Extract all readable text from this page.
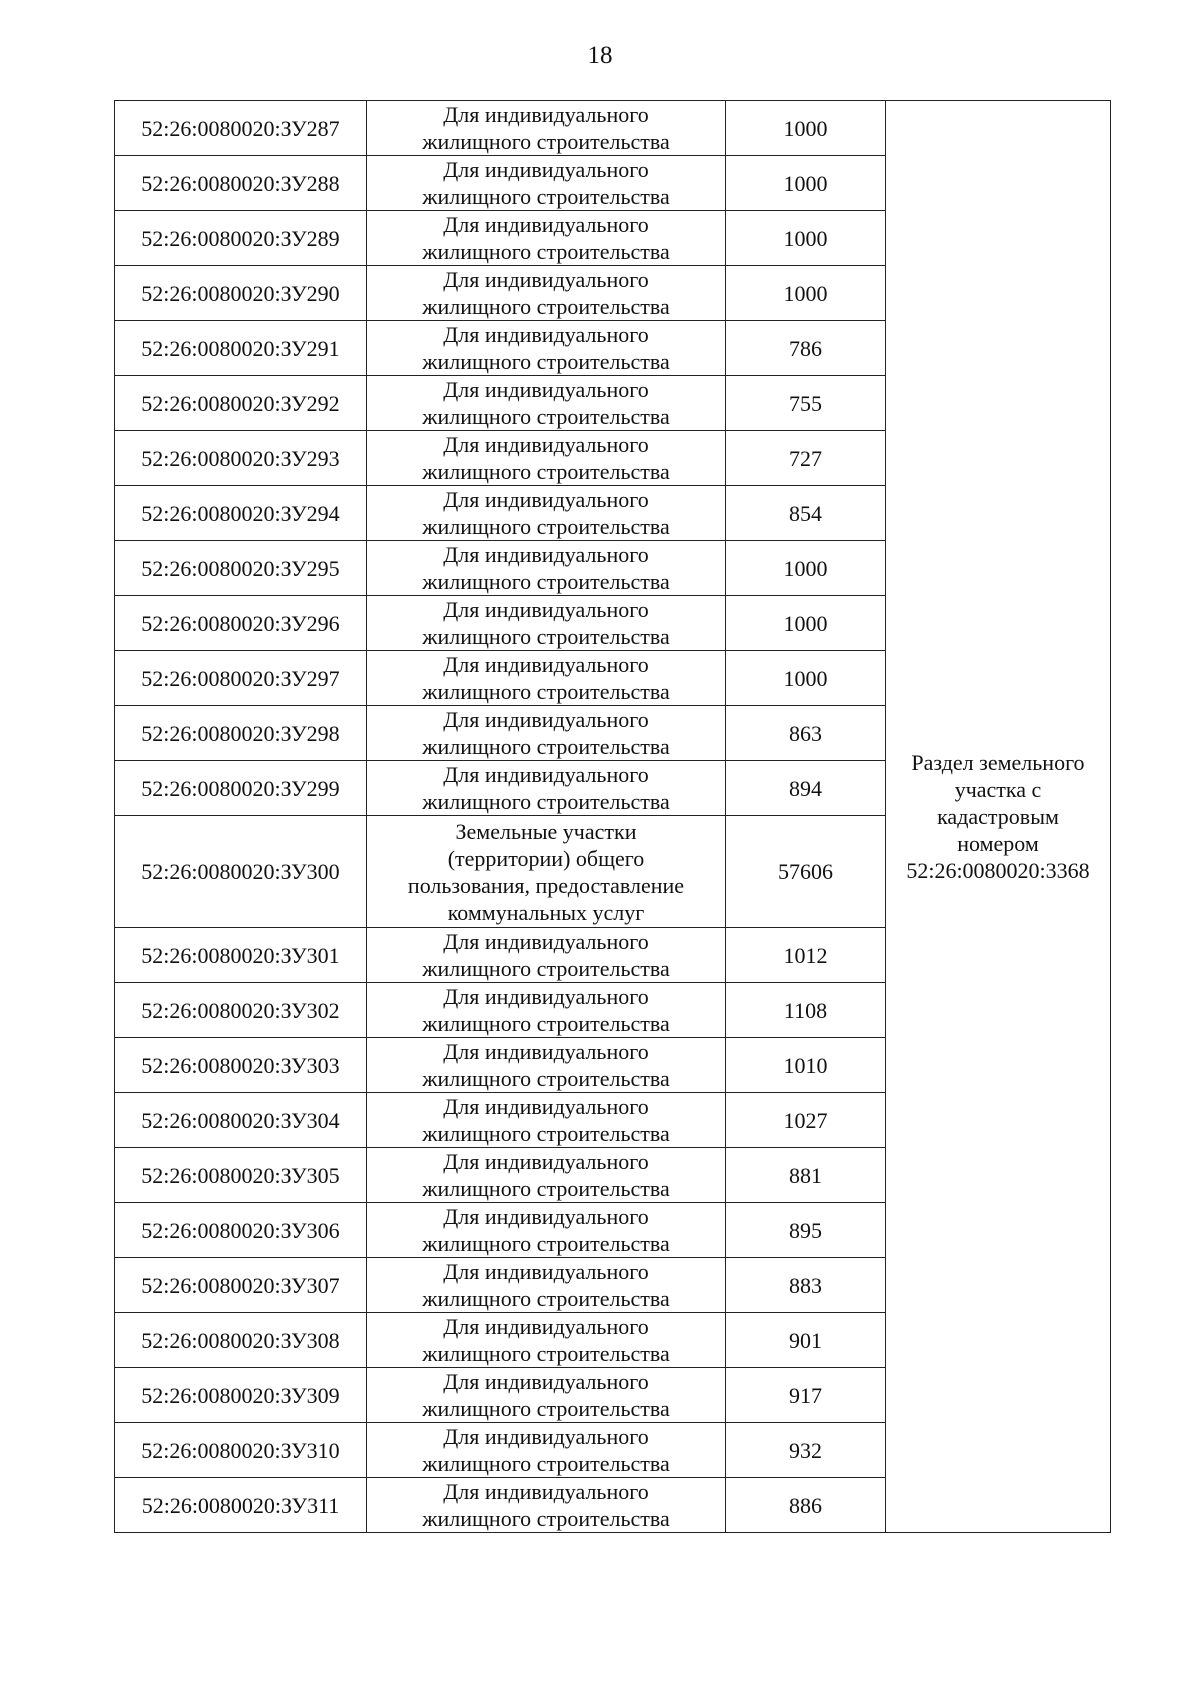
18
52:26:0080020:ЗУ287	Для индивидуального
жилищного строительства	1000	Раздел земельного
участка с
кадастровым
номером
52:26:0080020:3368

52:26:0080020:ЗУ288	Для индивидуального
жилищного строительства	1000	
52:26:0080020:ЗУ289	Для индивидуального
жилищного строительства	1000	
52:26:0080020:ЗУ290	Для индивидуального
жилищного строительства	1000	
52:26:0080020:ЗУ291	Для индивидуального
жилищного строительства	786	
52:26:0080020:ЗУ292	Для индивидуального
жилищного строительства	755	
52:26:0080020:ЗУ293	Для индивидуального
жилищного строительства	727	
52:26:0080020:ЗУ294	Для индивидуального
жилищного строительства	854	
52:26:0080020:ЗУ295	Для индивидуального
жилищного строительства	1000	
52:26:0080020:ЗУ296	Для индивидуального
жилищного строительства	1000	
52:26:0080020:ЗУ297	Для индивидуального
жилищного строительства	1000	
52:26:0080020:ЗУ298	Для индивидуального
жилищного строительства	863	
52:26:0080020:ЗУ299	Для индивидуального
жилищного строительства	894	
52:26:0080020:ЗУ300	Земельные участки
(территории) общего
пользования, предоставление
коммунальных услуг	57606	
52:26:0080020:ЗУ301	Для индивидуального
жилищного строительства	1012	
52:26:0080020:ЗУ302	Для индивидуального
жилищного строительства	1108	
52:26:0080020:ЗУ303	Для индивидуального
жилищного строительства	1010	
52:26:0080020:ЗУ304	Для индивидуального
жилищного строительства	1027	
52:26:0080020:ЗУ305	Для индивидуального
жилищного строительства	881	
52:26:0080020:ЗУ306	Для индивидуального
жилищного строительства	895	
52:26:0080020:ЗУ307	Для индивидуального
жилищного строительства	883	
52:26:0080020:ЗУ308	Для индивидуального
жилищного строительства	901	
52:26:0080020:ЗУ309	Для индивидуального
жилищного строительства	917	
52:26:0080020:ЗУ310	Для индивидуального
жилищного строительства	932	
52:26:0080020:ЗУ311	Для индивидуального
жилищного строительства	886	
